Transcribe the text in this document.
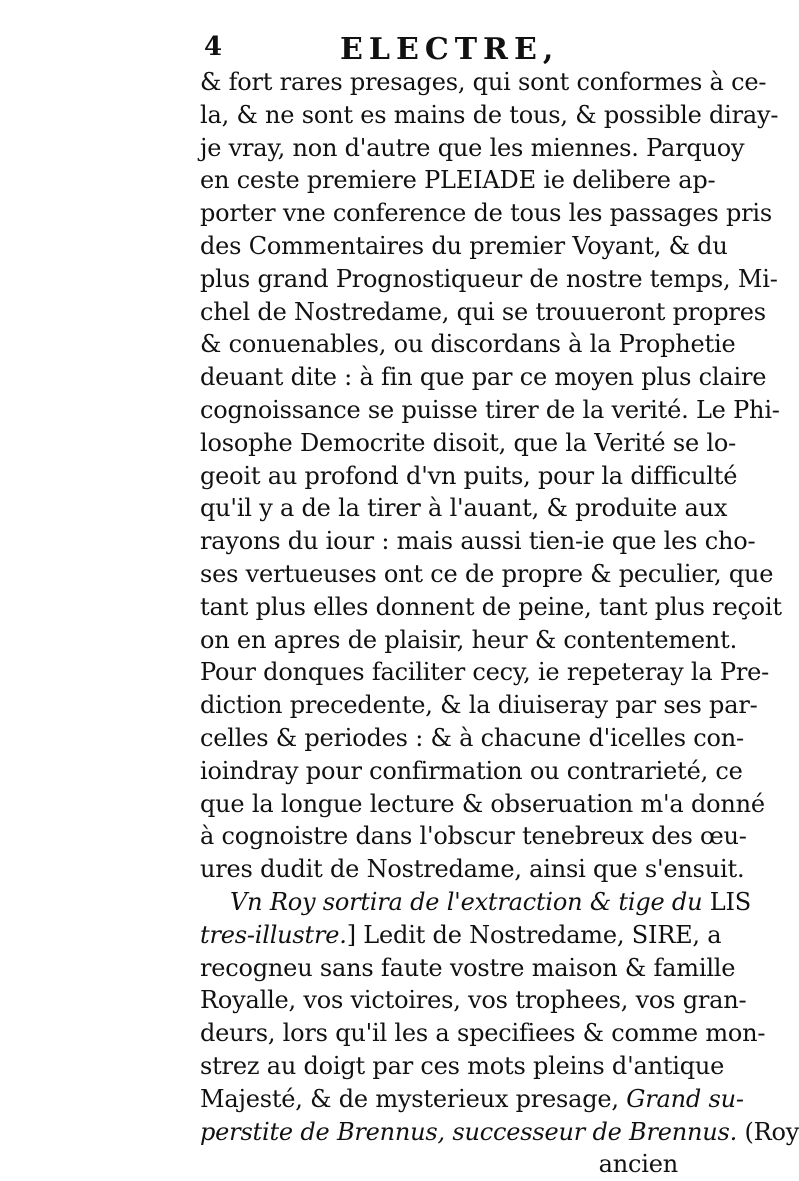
4	ELECTRE,
& fort rares presages, qui sont conformes à ce-
la, & ne sont es mains de tous, & possible diray-
je vray, non d'autre que les miennes. Parquoy
en ceste premiere PLEIADE ie delibere ap-
porter vne conference de tous les passages pris
des Commentaires du premier Voyant, & du
plus grand Prognostiqueur de nostre temps, Mi-
chel de Nostredame, qui se trouueront propres
& conuenables, ou discordans à la Prophetie
deuant dite : à fin que par ce moyen plus claire
cognoissance se puisse tirer de la verité. Le Phi-
losophe Democrite disoit, que la Verité se lo-
geoit au profond d'vn puits, pour la difficulté
qu'il y a de la tirer à l'auant, & produite aux
rayons du iour : mais aussi tien-ie que les cho-
ses vertueuses ont ce de propre & peculier, que
tant plus elles donnent de peine, tant plus reçoit
on en apres de plaisir, heur & contentement.
Pour donques faciliter cecy, ie repeteray la Pre-
diction precedente, & la diuiseray par ses par-
celles & periodes : & à chacune d'icelles con-
ioindray pour confirmation ou contrarieté, ce
que la longue lecture & obseruation m'a donné
à cognoistre dans l'obscur tenebreux des œu-
ures dudit de Nostredame, ainsi que s'ensuit.
Vn Roy sortira de l'extraction & tige du LIS
tres-illustre.] Ledit de Nostredame, SIRE, a
recogneu sans faute vostre maison & famille
Royalle, vos victoires, vos trophees, vos gran-
deurs, lors qu'il les a specifiees & comme mon-
strez au doigt par ces mots pleins d'antique
Majesté, & de mysterieux presage, Grand su-
perstite de Brennus, successeur de Brennus. (Roy
ancien
